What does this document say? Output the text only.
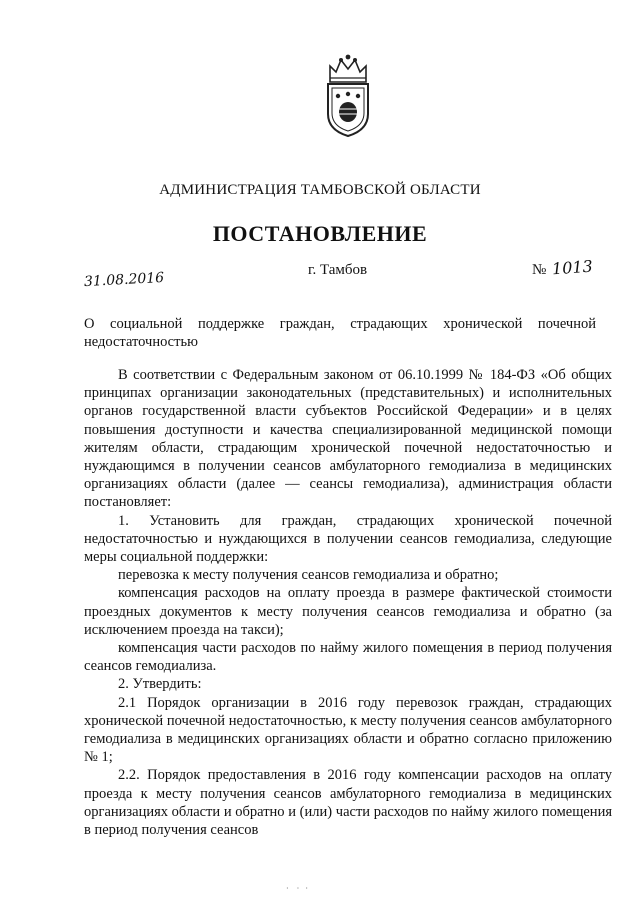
АДМИНИСТРАЦИЯ ТАМБОВСКОЙ ОБЛАСТИ
ПОСТАНОВЛЕНИЕ
31.08.2016	г. Тамбов	№ 1013
О социальной поддержке граждан, страдающих хронической почечной недостаточностью

В соответствии с Федеральным законом от 06.10.1999 № 184-ФЗ «Об общих принципах организации законодательных (представительных) и исполнительных органов государственной власти субъектов Российской Федерации» и в целях повышения доступности и качества специализированной медицинской помощи жителям области, страдающим хронической почечной недостаточностью и нуждающимся в получении сеансов амбулаторного гемодиализа в медицинских организациях области (далее — сеансы гемодиализа), администрация области постановляет:

1. Установить для граждан, страдающих хронической почечной недостаточностью и нуждающихся в получении сеансов гемодиализа, следующие меры социальной поддержки:

перевозка к месту получения сеансов гемодиализа и обратно;

компенсация расходов на оплату проезда в размере фактической стоимости проездных документов к месту получения сеансов гемодиализа и обратно (за исключением проезда на такси);

компенсация части расходов по найму жилого помещения в период получения сеансов гемодиализа.

2. Утвердить:

2.1 Порядок организации в 2016 году перевозок граждан, страдающих хронической почечной недостаточностью, к месту получения сеансов амбулаторного гемодиализа в медицинских организациях области и обратно согласно приложению № 1;

2.2. Порядок предоставления в 2016 году компенсации расходов на оплату проезда к месту получения сеансов амбулаторного гемодиализа в медицинских организациях области и обратно и (или) части расходов по найму жилого помещения в период получения сеансов

·    ·   ·
